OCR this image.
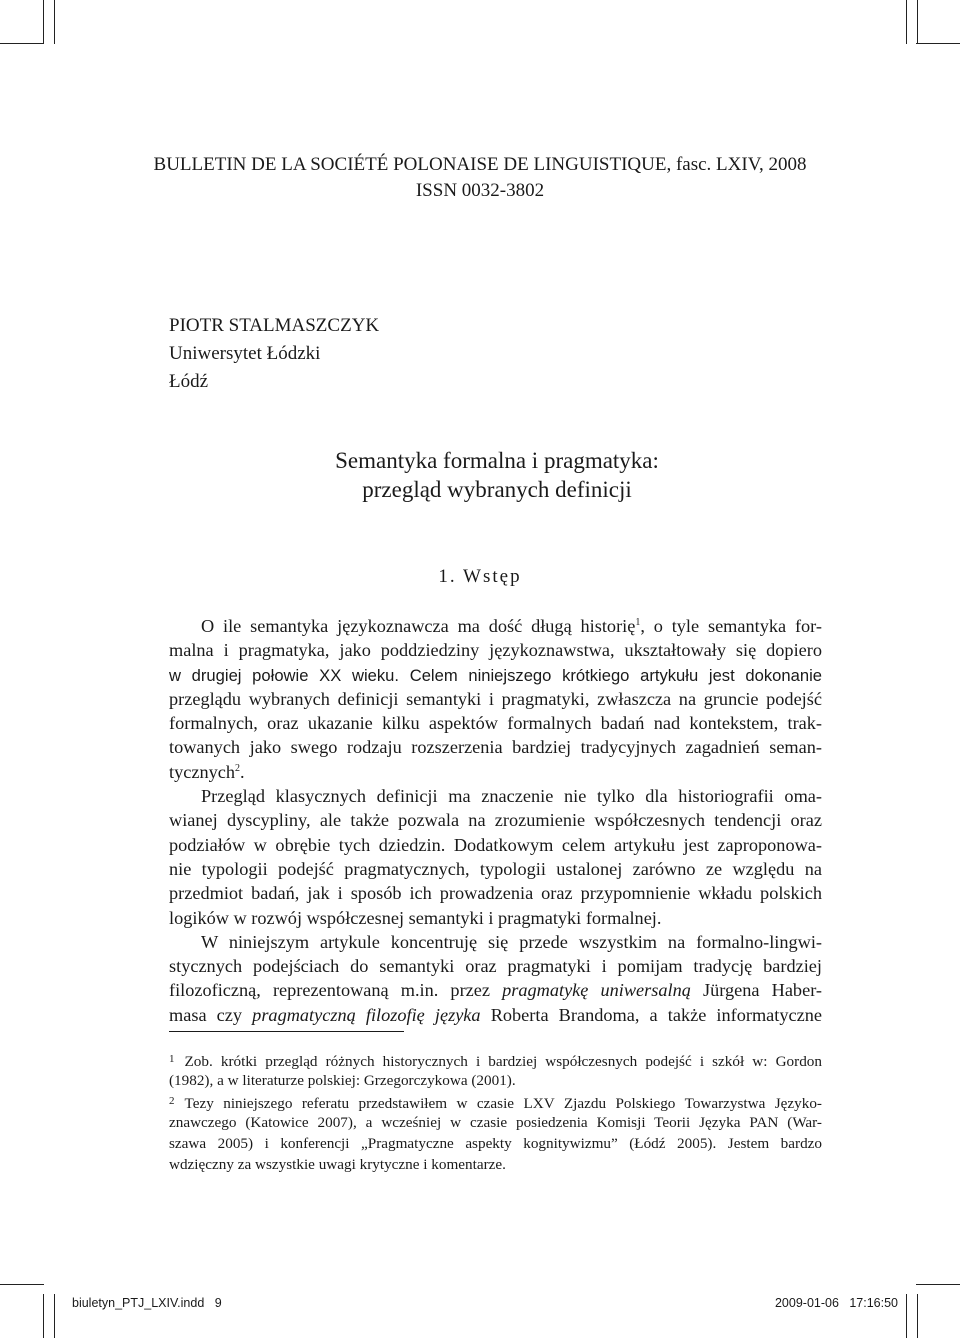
BULLETIN DE LA SOCIÉTÉ POLONAISE DE LINGUISTIQUE, fasc. LXIV, 2008
ISSN 0032-3802
PIOTR STALMASZCZYK
Uniwersytet Łódzki
Łódź
Semantyka formalna i pragmatyka:
przegląd wybranych definicji
1. Wstęp
O ile semantyka językoznawcza ma dość długą historię$^1$, o tyle semantyka for-
malna i pragmatyka, jako poddziedziny językoznawstwa, ukształtowały się dopiero
w drugiej połowie XX wieku. Celem niniejszego krótkiego artykułu jest dokonanie
przeglądu wybranych definicji semantyki i pragmatyki, zwłaszcza na gruncie podejść
formalnych, oraz ukazanie kilku aspektów formalnych badań nad kontekstem, trak-
towanych jako swego rodzaju rozszerzenia bardziej tradycyjnych zagadnień seman-
tycznych$^2$.
Przegląd klasycznych definicji ma znaczenie nie tylko dla historiografii oma-
wianej dyscypliny, ale także pozwala na zrozumienie współczesnych tendencji oraz
podziałów w obrębie tych dziedzin. Dodatkowym celem artykułu jest zaproponowa-
nie typologii podejść pragmatycznych, typologii ustalonej zarówno ze względu na
przedmiot badań, jak i sposób ich prowadzenia oraz przypomnienie wkładu polskich
logików w rozwój współczesnej semantyki i pragmatyki formalnej.
W niniejszym artykule koncentruję się przede wszystkim na formalno-lingwi-
stycznych podejściach do semantyki oraz pragmatyki i pomijam tradycję bardziej
filozoficzną, reprezentowaną m.in. przez pragmatykę uniwersalną Jürgena Haber-
masa czy pragmatyczną filozofię języka Roberta Brandoma, a także informatyczne
$^1$ Zob. krótki przegląd różnych historycznych i bardziej współczesnych podejść i szkół w: Gordon
(1982), a w literaturze polskiej: Grzegorczykowa (2001).
$^2$ Tezy niniejszego referatu przedstawiłem w czasie LXV Zjazdu Polskiego Towarzystwa Języko-
znawczego (Katowice 2007), a wcześniej w czasie posiedzenia Komisji Teorii Języka PAN (War-
szawa 2005) i konferencji „Pragmatyczne aspekty kognitywizmu” (Łódź 2005). Jestem bardzo
wdzięczny za wszystkie uwagi krytyczne i komentarze.
biuletyn_PTJ_LXIV.indd   9	2009-01-06   17:16:50
